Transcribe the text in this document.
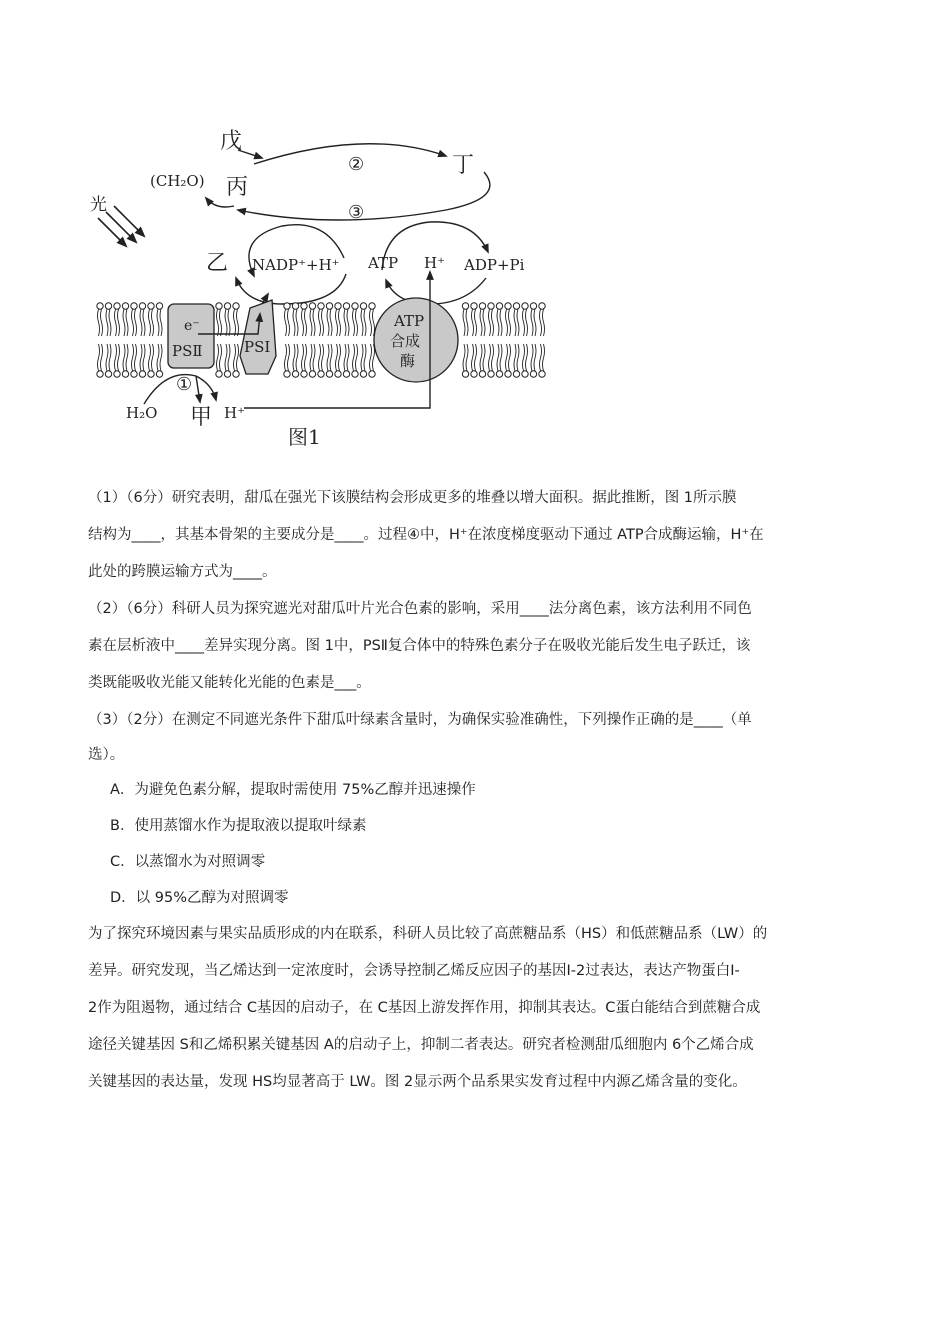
光
戊
丙
丁
(CH₂O)
②
③
乙 NADP⁺+H⁺ ATP H⁺ ADP+Pi
e⁻
PSⅡ	PSⅠ
ATP
合成
酶
①
H₂O 甲 H⁺
图1

（1）（6分）研究表明，甜瓜在强光下该膜结构会形成更多的堆叠以增大面积。据此推断，图 1所示膜

结构为____，其基本骨架的主要成分是____。过程④中，H⁺在浓度梯度驱动下通过 ATP合成酶运输，H⁺在

此处的跨膜运输方式为____。

（2）（6分）科研人员为探究遮光对甜瓜叶片光合色素的影响，采用____法分离色素，该方法利用不同色

素在层析液中____差异实现分离。图 1中，PSⅡ复合体中的特殊色素分子在吸收光能后发生电子跃迁，该

类既能吸收光能又能转化光能的色素是___。

（3）（2分）在测定不同遮光条件下甜瓜叶绿素含量时，为确保实验准确性，下列操作正确的是____（单

选）。

A．为避免色素分解，提取时需使用 75%乙醇并迅速操作

B．使用蒸馏水作为提取液以提取叶绿素

C．以蒸馏水为对照调零

D．以 95%乙醇为对照调零

为了探究环境因素与果实品质形成的内在联系，科研人员比较了高蔗糖品系（HS）和低蔗糖品系（LW）的

差异。研究发现，当乙烯达到一定浓度时，会诱导控制乙烯反应因子的基因Ⅰ-2过表达，表达产物蛋白Ⅰ-

2作为阻遏物，通过结合 C基因的启动子，在 C基因上游发挥作用，抑制其表达。C蛋白能结合到蔗糖合成

途径关键基因 S和乙烯积累关键基因 A的启动子上，抑制二者表达。研究者检测甜瓜细胞内 6个乙烯合成

关键基因的表达量，发现 HS均显著高于 LW。图 2显示两个品系果实发育过程中内源乙烯含量的变化。
